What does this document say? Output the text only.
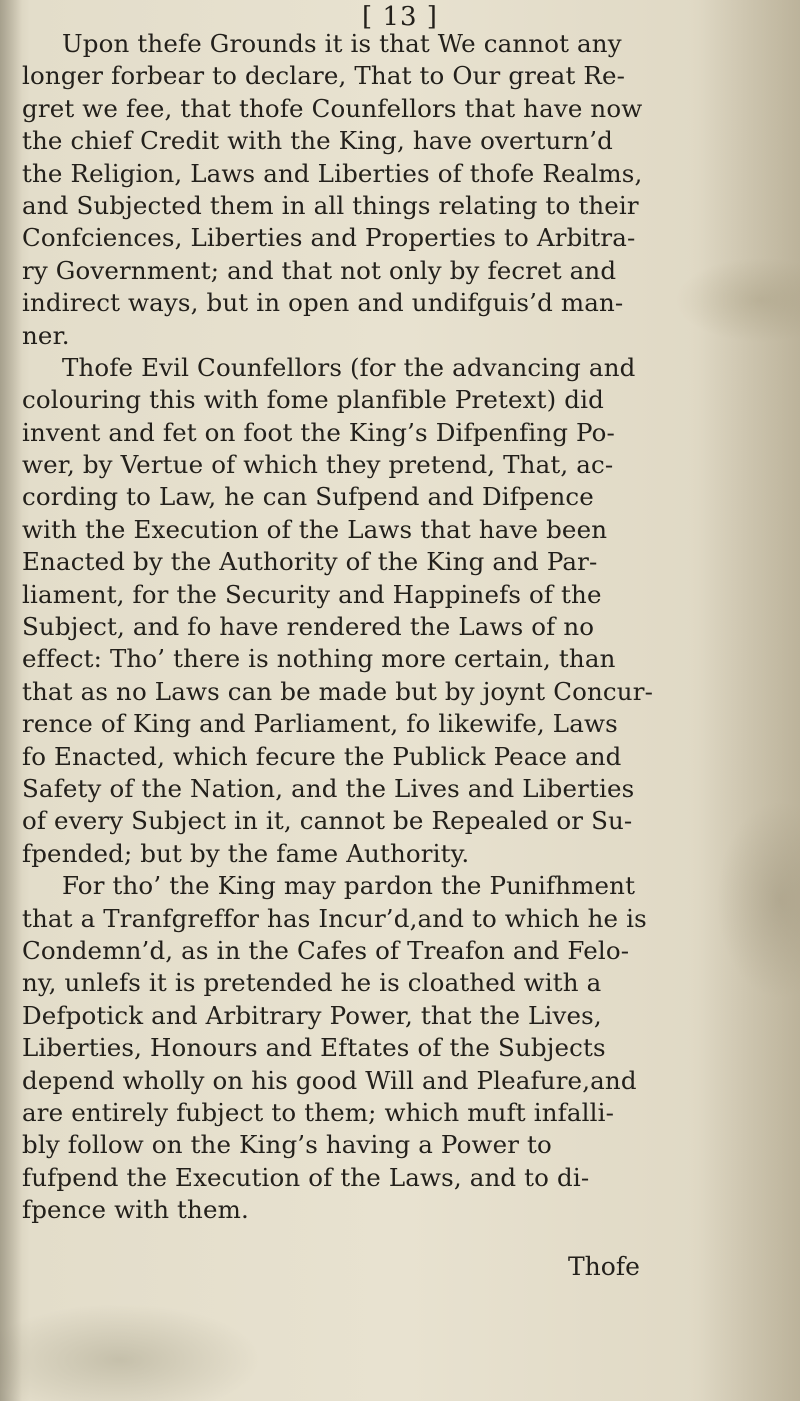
[ 13 ]
Upon thefe Grounds it is that We cannot any
longer forbear to declare, That to Our great Re-
gret we fee, that thofe Counfellors that have now
the chief Credit with the King, have overturn’d
the Religion, Laws and Liberties of thofe Realms,
and Subjected them in all things relating to their
Confciences, Liberties and Properties to Arbitra-
ry Government; and that not only by fecret and
indirect ways, but in open and undifguis’d man-
ner.
Thofe Evil Counfellors (for the advancing and
colouring this with fome planfible Pretext) did
invent and fet on foot the King’s Difpenfing Po-
wer, by Vertue of which they pretend, That, ac-
cording to Law, he can Sufpend and Difpence
with the Execution of the Laws that have been
Enacted by the Authority of the King and Par-
liament, for the Security and Happinefs of the
Subject, and fo have rendered the Laws of no
effect: Tho’ there is nothing more certain, than
that as no Laws can be made but by joynt Concur-
rence of King and Parliament, fo likewife, Laws
fo Enacted, which fecure the Publick Peace and
Safety of the Nation, and the Lives and Liberties
of every Subject in it, cannot be Repealed or Su-
fpended; but by the fame Authority.
For tho’ the King may pardon the Punifhment
that a Tranfgreffor has Incur’d,and to which he is
Condemn’d, as in the Cafes of Treafon and Felo-
ny, unlefs it is pretended he is cloathed with a
Defpotick and Arbitrary Power, that the Lives,
Liberties, Honours and Eftates of the Subjects
depend wholly on his good Will and Pleafure,and
are entirely fubject to them; which muft infalli-
bly follow on the King’s having a Power to
fufpend the Execution of the Laws, and to di-
fpence with them.
Thofe
